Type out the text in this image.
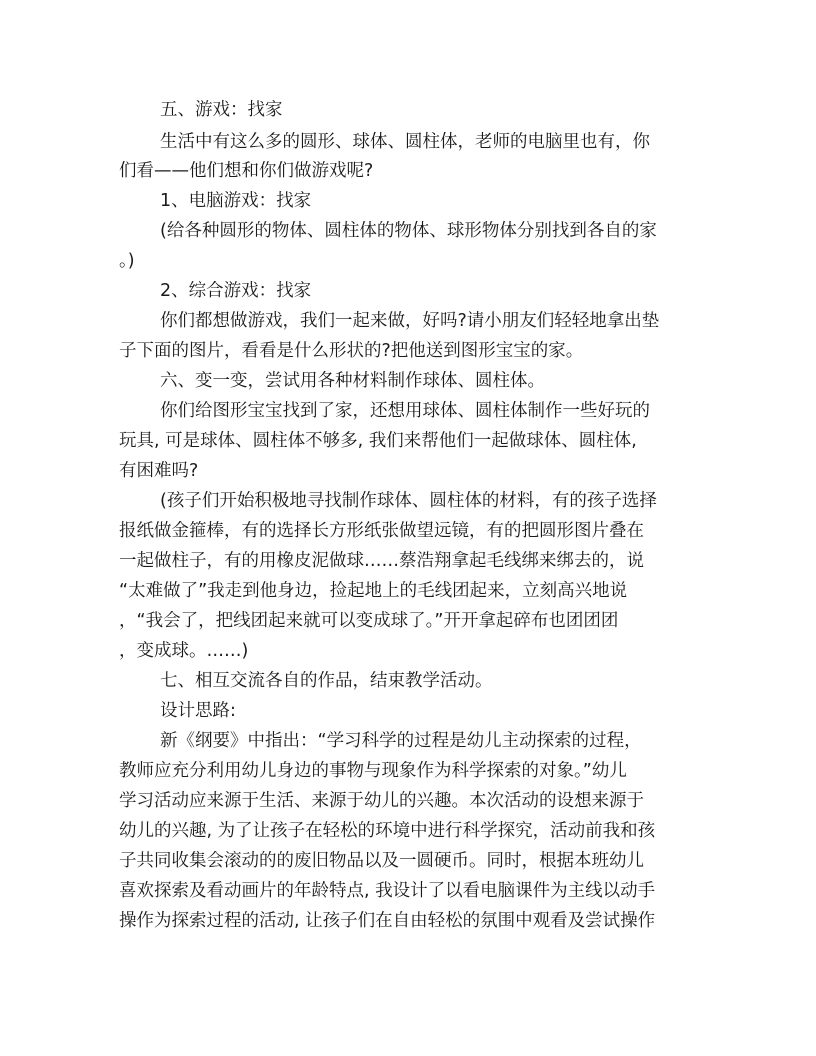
五、游戏：找家
生活中有这么多的圆形、球体、圆柱体，老师的电脑里也有，你
们看——他们想和你们做游戏呢?
1、电脑游戏：找家
(给各种圆形的物体、圆柱体的物体、球形物体分别找到各自的家
。)
2、综合游戏：找家
你们都想做游戏，我们一起来做，好吗?请小朋友们轻轻地拿出垫
子下面的图片，看看是什么形状的?把他送到图形宝宝的家。
六、变一变，尝试用各种材料制作球体、圆柱体。
你们给图形宝宝找到了家，还想用球体、圆柱体制作一些好玩的
玩具, 可是球体、圆柱体不够多, 我们来帮他们一起做球体、圆柱体,
有困难吗?
(孩子们开始积极地寻找制作球体、圆柱体的材料，有的孩子选择
报纸做金箍棒，有的选择长方形纸张做望远镜，有的把圆形图片叠在
一起做柱子，有的用橡皮泥做球……蔡浩翔拿起毛线绑来绑去的，说
“太难做了”我走到他身边，捡起地上的毛线团起来，立刻高兴地说
，“我会了，把线团起来就可以变成球了。”开开拿起碎布也团团团
，变成球。……)
七、相互交流各自的作品，结束教学活动。
设计思路:
新《纲要》中指出：“学习科学的过程是幼儿主动探索的过程，
教师应充分利用幼儿身边的事物与现象作为科学探索的对象。”幼儿
学习活动应来源于生活、来源于幼儿的兴趣。本次活动的设想来源于
幼儿的兴趣, 为了让孩子在轻松的环境中进行科学探究，活动前我和孩
子共同收集会滚动的的废旧物品以及一圆硬币。同时，根据本班幼儿
喜欢探索及看动画片的年龄特点, 我设计了以看电脑课件为主线以动手
操作为探索过程的活动, 让孩子们在自由轻松的氛围中观看及尝试操作
